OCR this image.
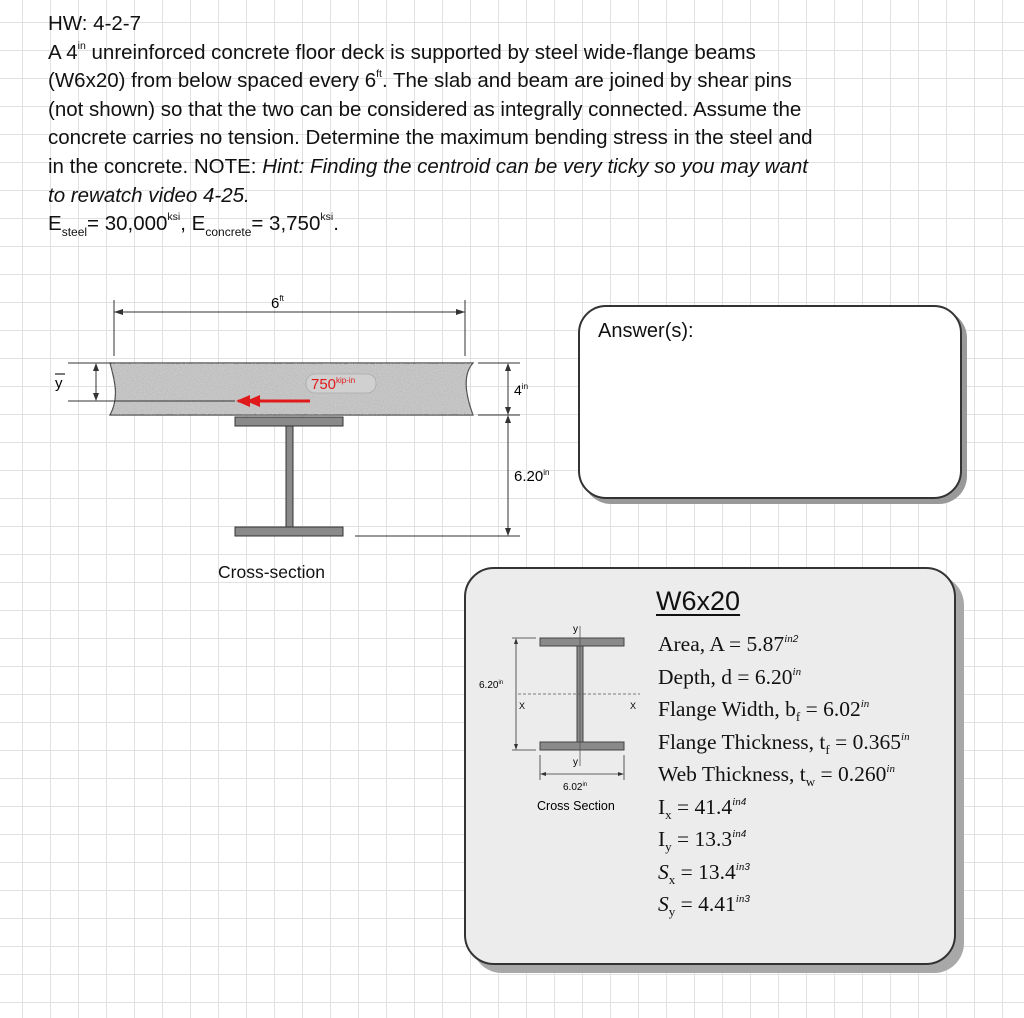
HW: 4-2-7

A $4^{in}$ unreinforced concrete floor deck is supported by steel wide-flange beams

(W6x20) from below spaced every $6^{ft}$. The slab and beam are joined by shear pins

(not shown) so that the two can be considered as integrally connected. Assume the

concrete carries no tension. Determine the maximum bending stress in the steel and

in the concrete. NOTE: Hint: Finding the centroid can be very ticky so you may want

to rewatch video 4-25.

$E_{steel}= 30,000^{ksi}$, $E_{concrete}= 3,750^{ksi}$.

$6^{ft}$
y	$750^{kip-in}$
$4^{in}$
$6.20^{in}$
Cross-section
Answer(s):
W6x20
y
y
X	X
$6.20^{in}$
$6.02^{in}$
Cross Section
Area, $A = 5.87^{in2}$
Depth, $d = 6.20^{in}$
Flange Width, $b_f = 6.02^{in}$
Flange Thickness, $t_f = 0.365^{in}$
Web Thickness, $t_w = 0.260^{in}$
$I_x = 41.4^{in4}$
$I_y = 13.3^{in4}$
$S_x = 13.4^{in3}$
$S_y = 4.41^{in3}$
